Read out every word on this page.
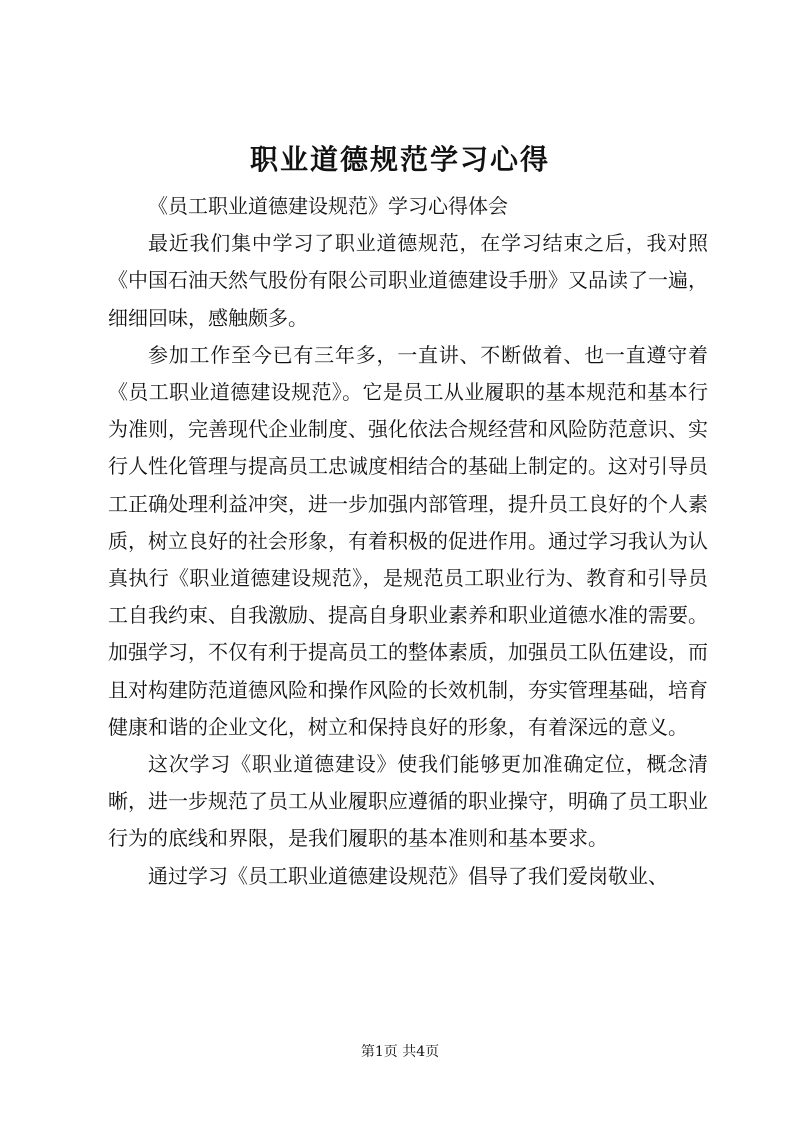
职业道德规范学习心得

《员工职业道德建设规范》学习心得体会

最近我们集中学习了职业道德规范，在学习结束之后，我对照《中国石油天然气股份有限公司职业道德建设手册》又品读了一遍，细细回味，感触颇多。

参加工作至今已有三年多，一直讲、不断做着、也一直遵守着《员工职业道德建设规范》。它是员工从业履职的基本规范和基本行为准则，完善现代企业制度、强化依法合规经营和风险防范意识、实行人性化管理与提高员工忠诚度相结合的基础上制定的。这对引导员工正确处理利益冲突，进一步加强内部管理，提升员工良好的个人素质，树立良好的社会形象，有着积极的促进作用。通过学习我认为认真执行《职业道德建设规范》，是规范员工职业行为、教育和引导员工自我约束、自我激励、提高自身职业素养和职业道德水准的需要。加强学习，不仅有利于提高员工的整体素质，加强员工队伍建设，而且对构建防范道德风险和操作风险的长效机制，夯实管理基础，培育健康和谐的企业文化，树立和保持良好的形象，有着深远的意义。

这次学习《职业道德建设》使我们能够更加准确定位，概念清晰，进一步规范了员工从业履职应遵循的职业操守，明确了员工职业行为的底线和界限，是我们履职的基本准则和基本要求。

通过学习《员工职业道德建设规范》倡导了我们爱岗敬业、

第1页 共4页
